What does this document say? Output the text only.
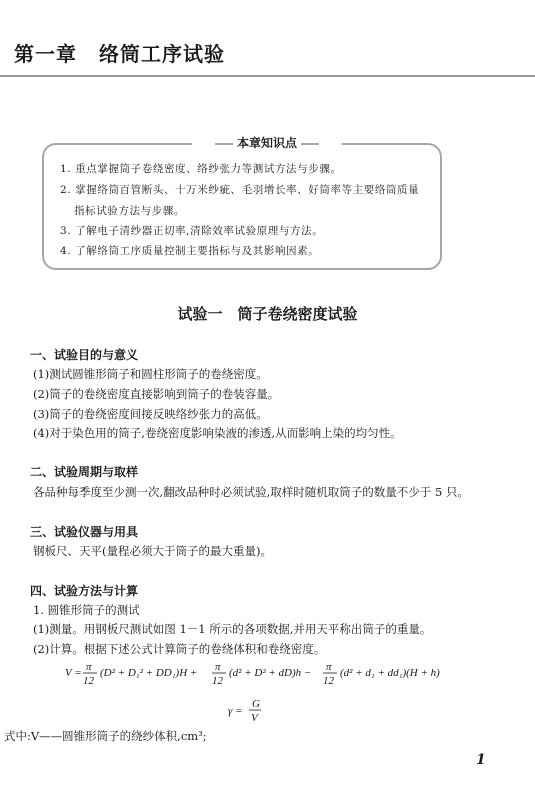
第一章 络筒工序试验
本章知识点
1. 重点掌握筒子卷绕密度、络纱张力等测试方法与步骤。
2. 掌握络筒百管断头、十万米纱疵、毛羽增长率、好筒率等主要络筒质量
指标试验方法与步骤。
3. 了解电子清纱器正切率,清除效率试验原理与方法。
4. 了解络筒工序质量控制主要指标与及其影响因素。
试验一　筒子卷绕密度试验
一、试验目的与意义
(1)测试圆锥形筒子和圆柱形筒子的卷绕密度。
(2)筒子的卷绕密度直接影响到筒子的卷装容量。
(3)筒子的卷绕密度间接反映络纱张力的高低。
(4)对于染色用的筒子,卷绕密度影响染液的渗透,从而影响上染的均匀性。
二、试验周期与取样
各品种每季度至少测一次,翻改品种时必须试验,取样时随机取筒子的数量不少于 5 只。
三、试验仪器与用具
钢板尺、天平(量程必须大于筒子的最大重量)。
四、试验方法与计算
1. 圆锥形筒子的测试
(1)测量。用钢板尺测试如图 1－1 所示的各项数据,并用天平称出筒子的重量。
(2)计算。根据下述公式计算筒子的卷绕体积和卷绕密度。
V = π
12
(D² + D₁² + DD₁)H + π
12
(d² + D² + dD)h − π
12
(d² + d₁ + dd₁)(H + h)
γ =
G
V
式中:V——圆锥形筒子的绕纱体积,cm³;
1
